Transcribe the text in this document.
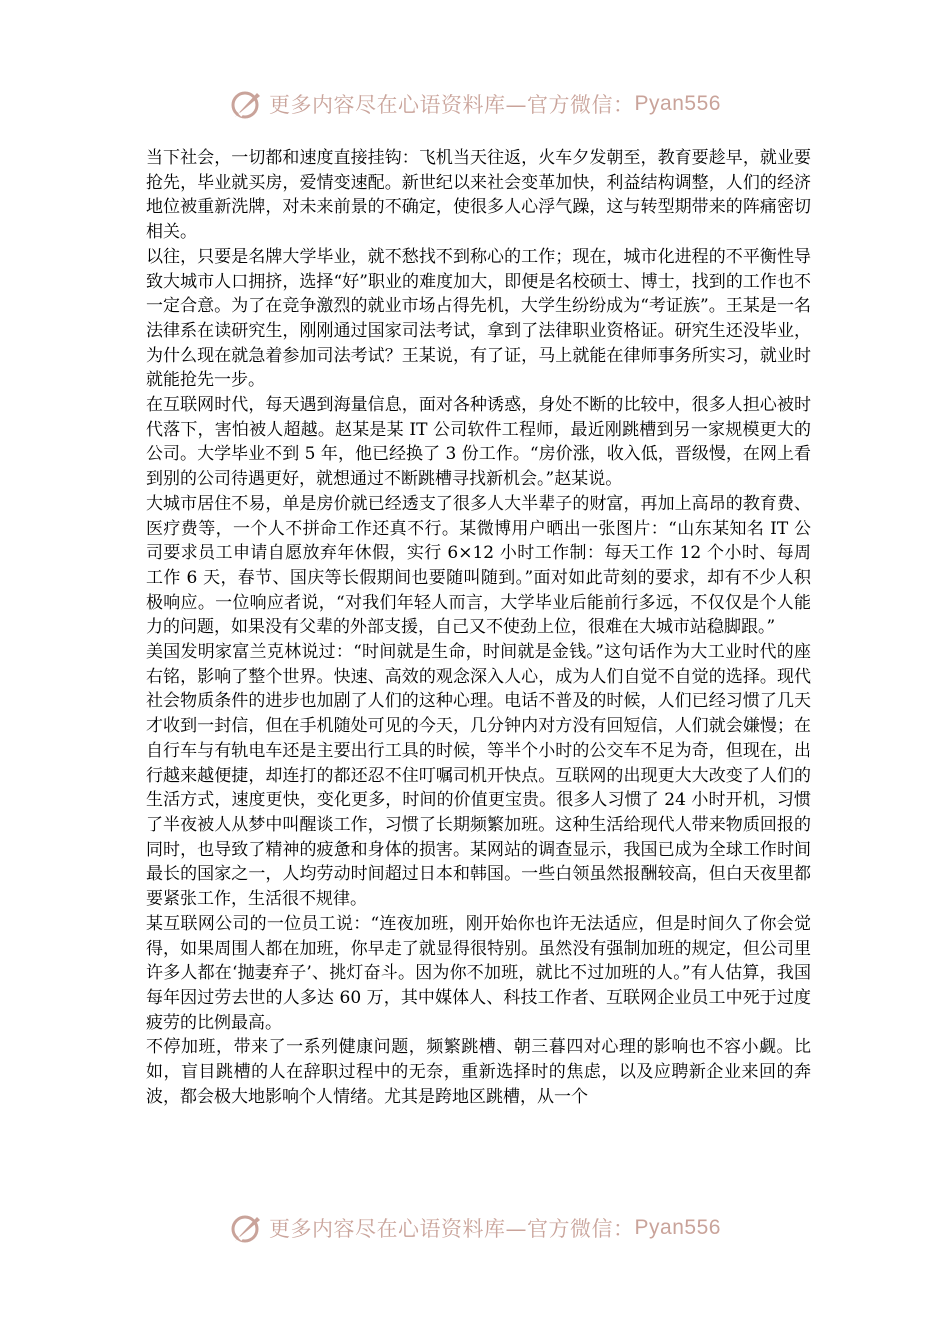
更多内容尽在心语资料库—官方微信： Pyan556

当下社会，一切都和速度直接挂钩：飞机当天往返，火车夕发朝至，教育要趁早，就业要抢先，毕业就买房，爱情变速配。新世纪以来社会变革加快，利益结构调整，人们的经济地位被重新洗牌，对未来前景的不确定，使很多人心浮气躁，这与转型期带来的阵痛密切相关。

以往，只要是名牌大学毕业，就不愁找不到称心的工作；现在，城市化进程的不平衡性导致大城市人口拥挤，选择“好”职业的难度加大，即便是名校硕士、博士，找到的工作也不一定合意。为了在竞争激烈的就业市场占得先机，大学生纷纷成为“考证族”。王某是一名法律系在读研究生，刚刚通过国家司法考试，拿到了法律职业资格证。研究生还没毕业，为什么现在就急着参加司法考试？王某说，有了证，马上就能在律师事务所实习，就业时就能抢先一步。

在互联网时代，每天遇到海量信息，面对各种诱惑，身处不断的比较中，很多人担心被时代落下，害怕被人超越。赵某是某 IT 公司软件工程师，最近刚跳槽到另一家规模更大的公司。大学毕业不到 5 年，他已经换了 3 份工作。“房价涨，收入低，晋级慢，在网上看到别的公司待遇更好，就想通过不断跳槽寻找新机会。”赵某说。

大城市居住不易，单是房价就已经透支了很多人大半辈子的财富，再加上高昂的教育费、医疗费等，一个人不拼命工作还真不行。某微博用户晒出一张图片：“山东某知名 IT 公司要求员工申请自愿放弃年休假，实行 6×12 小时工作制：每天工作 12 个小时、每周工作 6 天，春节、国庆等长假期间也要随叫随到。”面对如此苛刻的要求，却有不少人积极响应。一位响应者说，“对我们年轻人而言，大学毕业后能前行多远，不仅仅是个人能力的问题，如果没有父辈的外部支援，自己又不使劲上位，很难在大城市站稳脚跟。”

美国发明家富兰克林说过：“时间就是生命，时间就是金钱。”这句话作为大工业时代的座右铭，影响了整个世界。快速、高效的观念深入人心，成为人们自觉不自觉的选择。现代社会物质条件的进步也加剧了人们的这种心理。电话不普及的时候，人们已经习惯了几天才收到一封信，但在手机随处可见的今天，几分钟内对方没有回短信，人们就会嫌慢；在自行车与有轨电车还是主要出行工具的时候，等半个小时的公交车不足为奇，但现在，出行越来越便捷，却连打的都还忍不住叮嘱司机开快点。互联网的出现更大大改变了人们的生活方式，速度更快，变化更多，时间的价值更宝贵。很多人习惯了 24 小时开机，习惯了半夜被人从梦中叫醒谈工作，习惯了长期频繁加班。这种生活给现代人带来物质回报的同时，也导致了精神的疲惫和身体的损害。某网站的调查显示，我国已成为全球工作时间最长的国家之一，人均劳动时间超过日本和韩国。一些白领虽然报酬较高，但白天夜里都要紧张工作，生活很不规律。

某互联网公司的一位员工说：“连夜加班，刚开始你也许无法适应，但是时间久了你会觉得，如果周围人都在加班，你早走了就显得很特别。虽然没有强制加班的规定，但公司里许多人都在‘抛妻弃子’、挑灯奋斗。因为你不加班，就比不过加班的人。”有人估算，我国每年因过劳去世的人多达 60 万，其中媒体人、科技工作者、互联网企业员工中死于过度疲劳的比例最高。

不停加班，带来了一系列健康问题，频繁跳槽、朝三暮四对心理的影响也不容小觑。比如，盲目跳槽的人在辞职过程中的无奈，重新选择时的焦虑，以及应聘新企业来回的奔波，都会极大地影响个人情绪。尤其是跨地区跳槽，从一个

更多内容尽在心语资料库—官方微信： Pyan556
